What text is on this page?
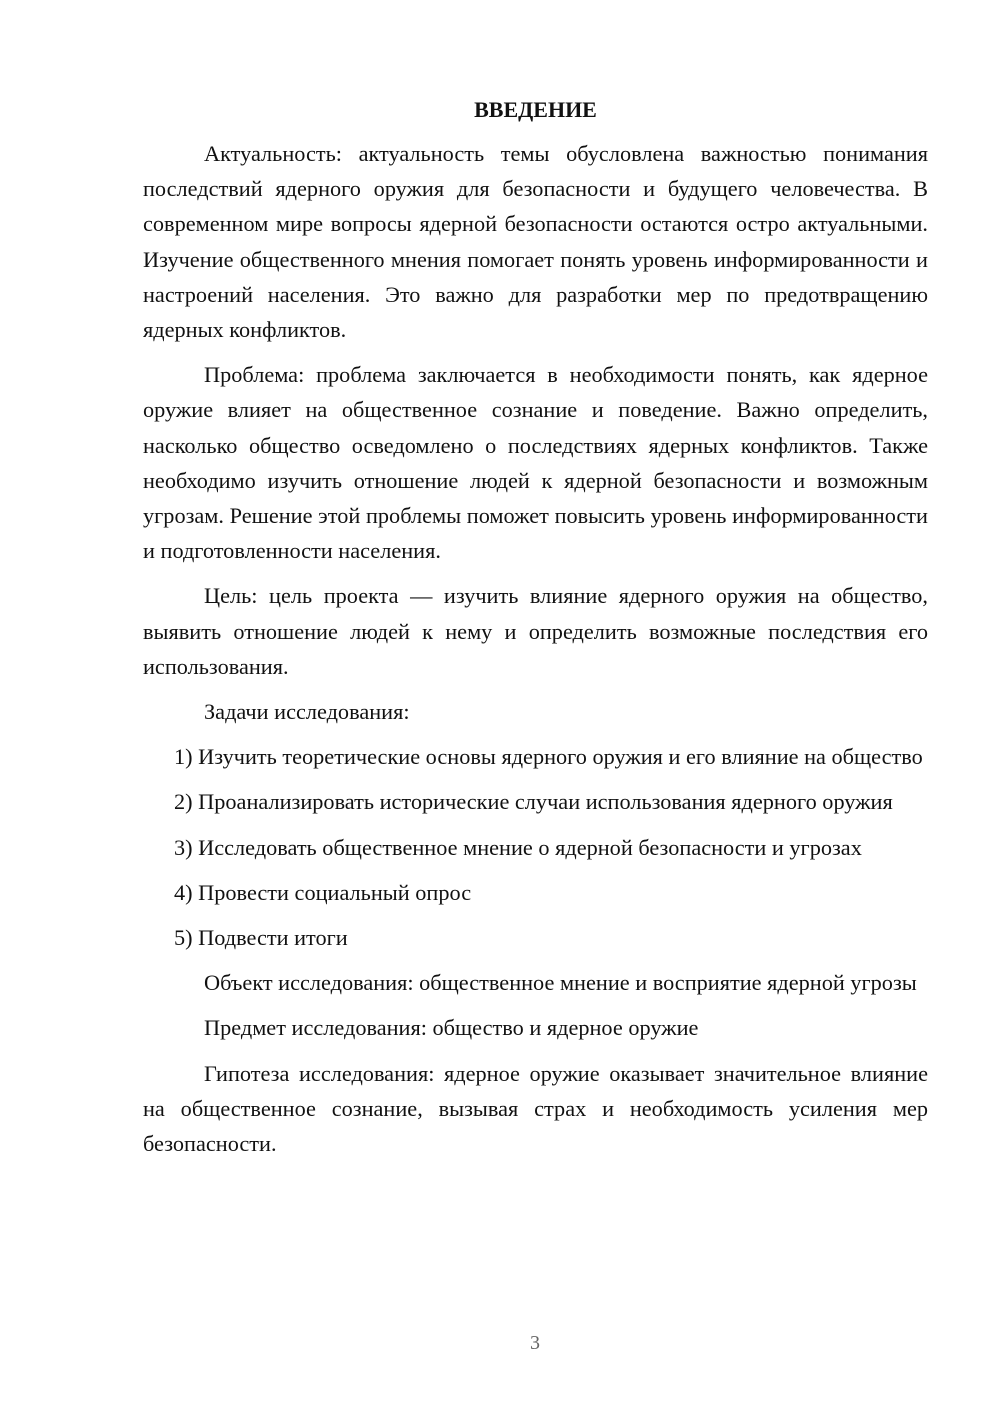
ВВЕДЕНИЕ

Актуальность: актуальность темы обусловлена важностью понимания последствий ядерного оружия для безопасности и будущего человечества. В современном мире вопросы ядерной безопасности остаются остро актуальными. Изучение общественного мнения помогает понять уровень информированности и настроений населения. Это важно для разработки мер по предотвращению ядерных конфликтов.

Проблема: проблема заключается в необходимости понять, как ядерное оружие влияет на общественное сознание и поведение. Важно определить, насколько общество осведомлено о последствиях ядерных конфликтов. Также необходимо изучить отношение людей к ядерной безопасности и возможным угрозам. Решение этой проблемы поможет повысить уровень информированности и подготовленности населения.

Цель: цель проекта — изучить влияние ядерного оружия на общество, выявить отношение людей к нему и определить возможные последствия его использования.

Задачи исследования:

1) Изучить теоретические основы ядерного оружия и его влияние на общество

2) Проанализировать исторические случаи использования ядерного оружия

3) Исследовать общественное мнение о ядерной безопасности и угрозах

4) Провести социальный опрос

5) Подвести итоги

Объект исследования: общественное мнение и восприятие ядерной угрозы

Предмет исследования: общество и ядерное оружие

Гипотеза исследования: ядерное оружие оказывает значительное влияние на общественное сознание, вызывая страх и необходимость усиления мер безопасности.

3
